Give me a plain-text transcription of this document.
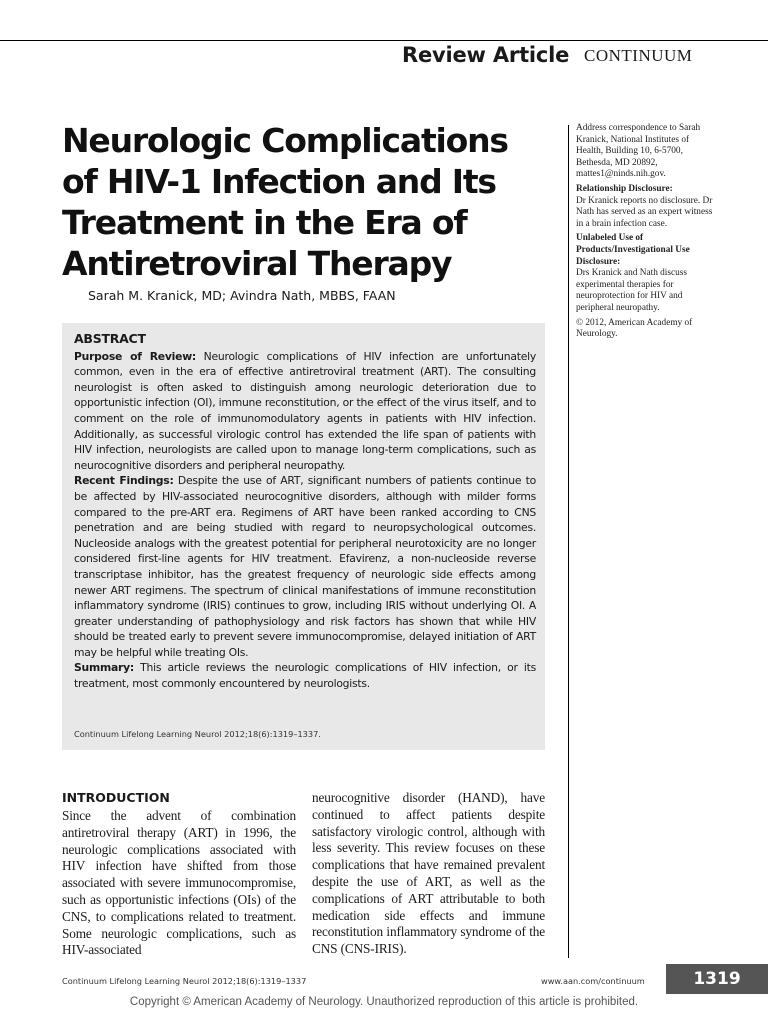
Review Article CONTINUUM
Neurologic Complications of HIV-1 Infection and Its Treatment in the Era of Antiretroviral Therapy
Sarah M. Kranick, MD; Avindra Nath, MBBS, FAAN
ABSTRACT

Purpose of Review: Neurologic complications of HIV infection are unfortunately common, even in the era of effective antiretroviral treatment (ART). The consulting neurologist is often asked to distinguish among neurologic deterioration due to opportunistic infection (OI), immune reconstitution, or the effect of the virus itself, and to comment on the role of immunomodulatory agents in patients with HIV infection. Additionally, as successful virologic control has extended the life span of patients with HIV infection, neurologists are called upon to manage long-term complications, such as neurocognitive disorders and peripheral neuropathy.

Recent Findings: Despite the use of ART, significant numbers of patients continue to be affected by HIV-associated neurocognitive disorders, although with milder forms compared to the pre-ART era. Regimens of ART have been ranked according to CNS penetration and are being studied with regard to neuropsychological outcomes. Nucleoside analogs with the greatest potential for peripheral neurotoxicity are no longer considered first-line agents for HIV treatment. Efavirenz, a non-nucleoside reverse transcriptase inhibitor, has the greatest frequency of neurologic side effects among newer ART regimens. The spectrum of clinical manifestations of immune reconstitution inflammatory syndrome (IRIS) continues to grow, including IRIS without underlying OI. A greater understanding of pathophysiology and risk factors has shown that while HIV should be treated early to prevent severe immunocompromise, delayed initiation of ART may be helpful while treating OIs.

Summary: This article reviews the neurologic complications of HIV infection, or its treatment, most commonly encountered by neurologists.

Continuum Lifelong Learning Neurol 2012;18(6):1319–1337.
INTRODUCTION

Since the advent of combination antiretroviral therapy (ART) in 1996, the neurologic complications associated with HIV infection have shifted from those associated with severe immunocompromise, such as opportunistic infections (OIs) of the CNS, to complications related to treatment. Some neurologic complications, such as HIV-associated

neurocognitive disorder (HAND), have continued to affect patients despite satisfactory virologic control, although with less severity. This review focuses on these complications that have remained prevalent despite the use of ART, as well as the complications of ART attributable to both medication side effects and immune reconstitution inflammatory syndrome of the CNS (CNS-IRIS).

Address correspondence to Sarah Kranick, National Institutes of Health, Building 10, 6-5700, Bethesda, MD 20892, mattes1@ninds.nih.gov.

Relationship Disclosure:
Dr Kranick reports no disclosure. Dr Nath has served as an expert witness in a brain infection case.

Unlabeled Use of Products/Investigational Use Disclosure:
Drs Kranick and Nath discuss experimental therapies for neuroprotection for HIV and peripheral neuropathy.

© 2012, American Academy of Neurology.

Continuum Lifelong Learning Neurol 2012;18(6):1319–1337	www.aan.com/continuum	1319
Copyright © American Academy of Neurology. Unauthorized reproduction of this article is prohibited.
